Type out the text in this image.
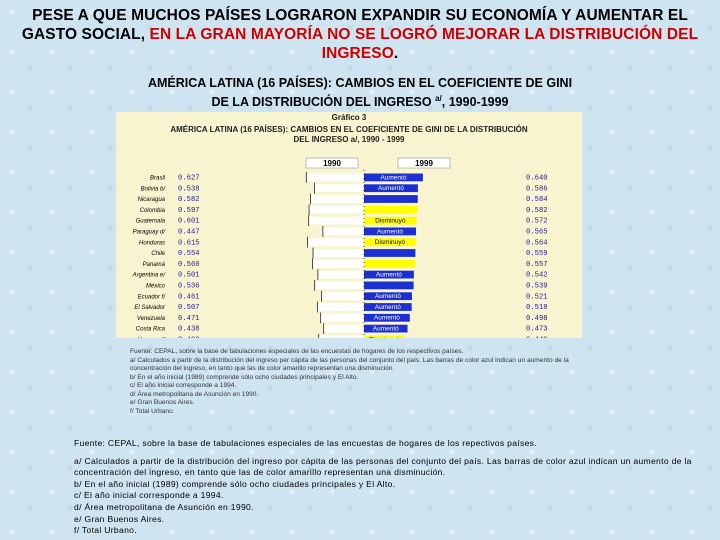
PESE A QUE MUCHOS PAÍSES LOGRARON EXPANDIR SU ECONOMÍA Y AUMENTAR EL GASTO SOCIAL, EN LA GRAN MAYORÍA NO SE LOGRÓ MEJORAR LA DISTRIBUCIÓN DEL INGRESO.
AMÉRICA LATINA (16 PAÍSES): CAMBIOS EN EL COEFICIENTE DE GINI
DE LA DISTRIBUCIÓN DEL INGRESO $^{a/}$, 1990-1999
Gráfico 3
AMÉRICA LATINA (16 PAÍSES): CAMBIOS EN EL COEFICIENTE DE GINI DE LA DISTRIBUCIÓN
DEL INGRESO a/, 1990 - 1999
1990	1999
Brasil 0.627	0.640
Aumentó
Bolivia b/ 0.538	0.586
Aumentó
Nicaragua 0.582	0.584
Colombia 0.597	0.582
Guatemala 0.601	0.572
Disminuyó
Paraguay d/ 0.447	0.565
Aumentó
Honduras 0.615	0.564
Disminuyó
Chile 0.554	0.559
Panamá 0.560	0.557
Argentina e/ 0.501	0.542
Aumentó
México 0.536	0.539
Ecuador f/ 0.461	0.521
Aumentó
El Salvador 0.507	0.518
Aumentó
Venezuela 0.471	0.498
Aumentó
Costa Rica 0.438	0.473
Aumentó

Fuente: CEPAL, sobre la base de tabulaciones especiales de las encuestas de hogares de los respectivos países.

a/ Calculados a partir de la distribución del ingreso per cápita de las personas del conjunto del país. Las barras de color azul indican un aumento de la concentración del ingreso, en tanto que las de color amarillo representan una disminución.

b/ En el año inicial (1989) comprende sólo ocho ciudades principales y El Alto.

c/ El año inicial corresponde a 1994.

d/ Área metropolitana de Asunción en 1990.

e/ Gran Buenos Aires.

f/ Total Urbano.

Fuente: CEPAL, sobre la base de tabulaciones especiales de las encuestas de hogares de los repectivos países.

a/ Calculados a partir de la distribución del ingreso por cápita de las personas del conjunto del país. Las barras de color azul indican un aumento de la concentración del ingreso, en tanto que las de color amarillo representan una disminución.

b/ En el año inicial (1989) comprende sólo ocho ciudades principales y El Alto.

c/ El año inicial corresponde a 1994.

d/ Área metropolitana de Asunción en 1990.

e/ Gran Buenos Aires.

f/ Total Urbano.
